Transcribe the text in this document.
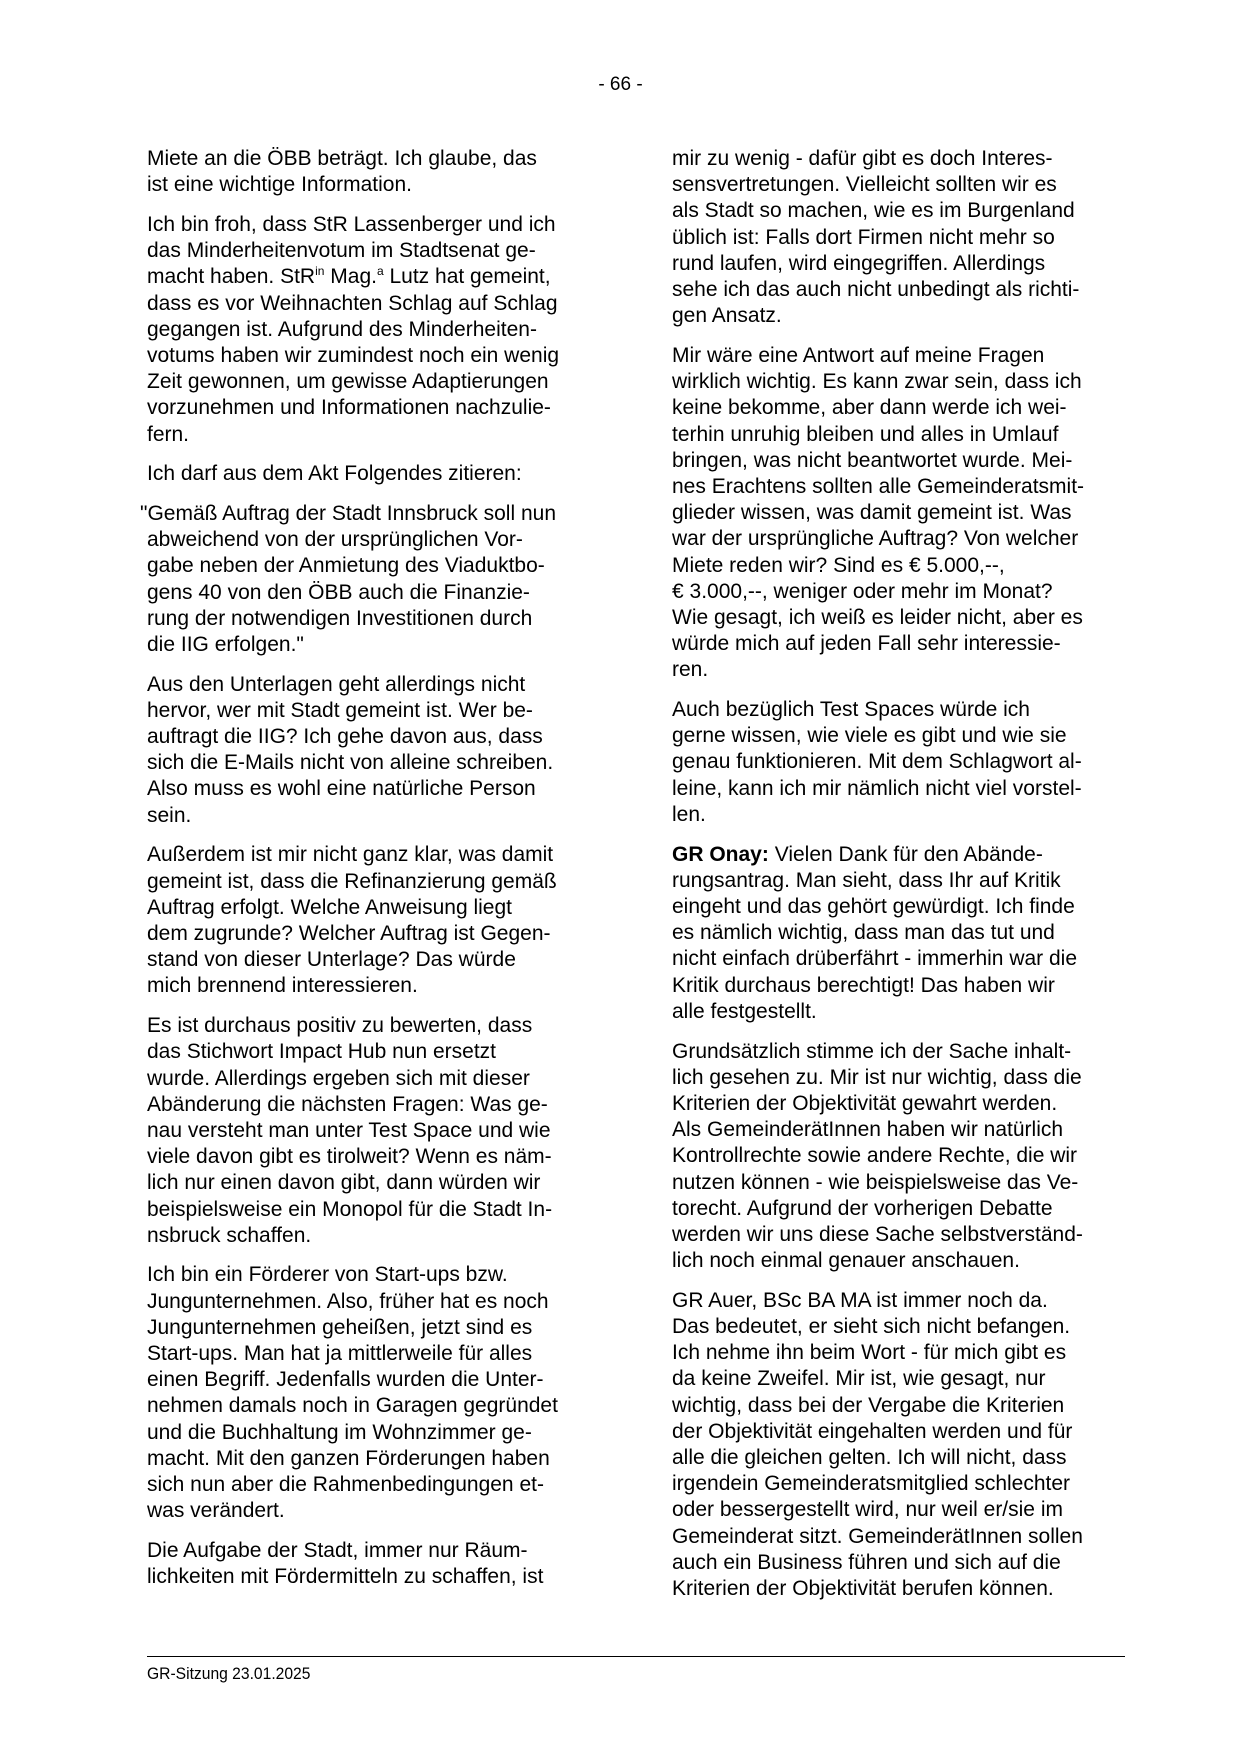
- 66 -
Miete an die ÖBB beträgt. Ich glaube, das
ist eine wichtige Information.
Ich bin froh, dass StR Lassenberger und ich
das Minderheitenvotum im Stadtsenat ge-
macht haben. StR$^{in}$ Mag.$^a$ Lutz hat gemeint,
dass es vor Weihnachten Schlag auf Schlag
gegangen ist. Aufgrund des Minderheiten-
votums haben wir zumindest noch ein wenig
Zeit gewonnen, um gewisse Adaptierungen
vorzunehmen und Informationen nachzulie-
fern.
Ich darf aus dem Akt Folgendes zitieren:
"Gemäß Auftrag der Stadt Innsbruck soll nun
abweichend von der ursprünglichen Vor-
gabe neben der Anmietung des Viaduktbo-
gens 40 von den ÖBB auch die Finanzie-
rung der notwendigen Investitionen durch
die IIG erfolgen."
Aus den Unterlagen geht allerdings nicht
hervor, wer mit Stadt gemeint ist. Wer be-
auftragt die IIG? Ich gehe davon aus, dass
sich die E-Mails nicht von alleine schreiben.
Also muss es wohl eine natürliche Person
sein.
Außerdem ist mir nicht ganz klar, was damit
gemeint ist, dass die Refinanzierung gemäß
Auftrag erfolgt. Welche Anweisung liegt
dem zugrunde? Welcher Auftrag ist Gegen-
stand von dieser Unterlage? Das würde
mich brennend interessieren.
Es ist durchaus positiv zu bewerten, dass
das Stichwort Impact Hub nun ersetzt
wurde. Allerdings ergeben sich mit dieser
Abänderung die nächsten Fragen: Was ge-
nau versteht man unter Test Space und wie
viele davon gibt es tirolweit? Wenn es näm-
lich nur einen davon gibt, dann würden wir
beispielsweise ein Monopol für die Stadt In-
nsbruck schaffen.
Ich bin ein Förderer von Start-ups bzw.
Jungunternehmen. Also, früher hat es noch
Jungunternehmen geheißen, jetzt sind es
Start-ups. Man hat ja mittlerweile für alles
einen Begriff. Jedenfalls wurden die Unter-
nehmen damals noch in Garagen gegründet
und die Buchhaltung im Wohnzimmer ge-
macht. Mit den ganzen Förderungen haben
sich nun aber die Rahmenbedingungen et-
was verändert.
Die Aufgabe der Stadt, immer nur Räum-
lichkeiten mit Fördermitteln zu schaffen, ist
mir zu wenig - dafür gibt es doch Interes-
sensvertretungen. Vielleicht sollten wir es
als Stadt so machen, wie es im Burgenland
üblich ist: Falls dort Firmen nicht mehr so
rund laufen, wird eingegriffen. Allerdings
sehe ich das auch nicht unbedingt als richti-
gen Ansatz.
Mir wäre eine Antwort auf meine Fragen
wirklich wichtig. Es kann zwar sein, dass ich
keine bekomme, aber dann werde ich wei-
terhin unruhig bleiben und alles in Umlauf
bringen, was nicht beantwortet wurde. Mei-
nes Erachtens sollten alle Gemeinderatsmit-
glieder wissen, was damit gemeint ist. Was
war der ursprüngliche Auftrag? Von welcher
Miete reden wir? Sind es € 5.000,--,
€ 3.000,--, weniger oder mehr im Monat?
Wie gesagt, ich weiß es leider nicht, aber es
würde mich auf jeden Fall sehr interessie-
ren.
Auch bezüglich Test Spaces würde ich
gerne wissen, wie viele es gibt und wie sie
genau funktionieren. Mit dem Schlagwort al-
leine, kann ich mir nämlich nicht viel vorstel-
len.
GR Onay: Vielen Dank für den Abände-
rungsantrag. Man sieht, dass Ihr auf Kritik
eingeht und das gehört gewürdigt. Ich finde
es nämlich wichtig, dass man das tut und
nicht einfach drüberfährt - immerhin war die
Kritik durchaus berechtigt! Das haben wir
alle festgestellt.
Grundsätzlich stimme ich der Sache inhalt-
lich gesehen zu. Mir ist nur wichtig, dass die
Kriterien der Objektivität gewahrt werden.
Als GemeinderätInnen haben wir natürlich
Kontrollrechte sowie andere Rechte, die wir
nutzen können - wie beispielsweise das Ve-
torecht. Aufgrund der vorherigen Debatte
werden wir uns diese Sache selbstverständ-
lich noch einmal genauer anschauen.
GR Auer, BSc BA MA ist immer noch da.
Das bedeutet, er sieht sich nicht befangen.
Ich nehme ihn beim Wort - für mich gibt es
da keine Zweifel. Mir ist, wie gesagt, nur
wichtig, dass bei der Vergabe die Kriterien
der Objektivität eingehalten werden und für
alle die gleichen gelten. Ich will nicht, dass
irgendein Gemeinderatsmitglied schlechter
oder bessergestellt wird, nur weil er/sie im
Gemeinderat sitzt. GemeinderätInnen sollen
auch ein Business führen und sich auf die
Kriterien der Objektivität berufen können.
GR-Sitzung 23.01.2025
